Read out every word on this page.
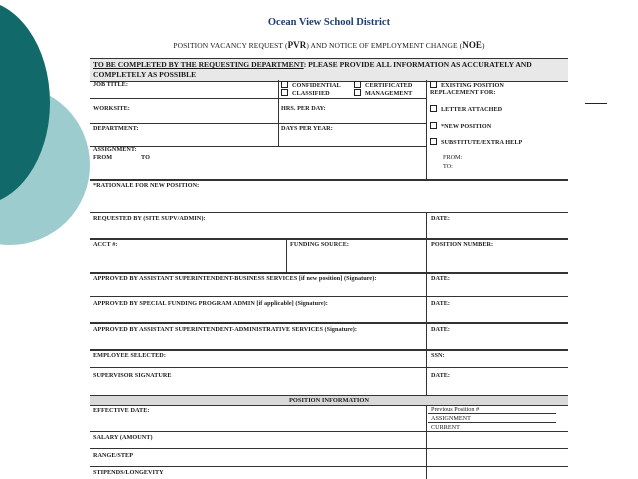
Ocean View School District
POSITION VACANCY REQUEST (PVR) AND NOTICE OF EMPLOYMENT CHANGE (NOE)
TO BE COMPLETED BY THE REQUESTING DEPARTMENT: PLEASE PROVIDE ALL INFORMATION AS ACCURATELY AND COMPLETELY AS POSSIBLE
JOB TITLE:
WORKSITE:
DEPARTMENT:
ASSIGNMENT:
FROM	TO
CONFIDENTIAL
CLASSIFIED
CERTIFICATED
MANAGEMENT
HRS. PER DAY:
DAYS PER YEAR:
EXISTING POSITION
REPLACEMENT FOR:
LETTER ATTACHED
*NEW POSITION
SUBSTITUTE/EXTRA HELP
FROM:
TO:
*RATIONALE FOR NEW POSITION:
REQUESTED BY (SITE SUPV/ADMIN):	DATE:
ACCT #:	FUNDING SOURCE:	POSITION NUMBER:
APPROVED BY ASSISTANT SUPERINTENDENT-BUSINESS SERVICES [if new position] (Signature):	DATE:
APPROVED BY SPECIAL FUNDING PROGRAM ADMIN [if applicable] (Signature):	DATE:
APPROVED BY ASSISTANT SUPERINTENDENT-ADMINISTRATIVE SERVICES (Signature):	DATE:
EMPLOYEE SELECTED:	SSN:
SUPERVISOR SIGNATURE	DATE:
POSITION INFORMATION
EFFECTIVE DATE:	Previous Position #
ASSIGNMENT
CURRENT
SALARY (AMOUNT)
RANGE/STEP
STIPENDS/LONGEVITY
